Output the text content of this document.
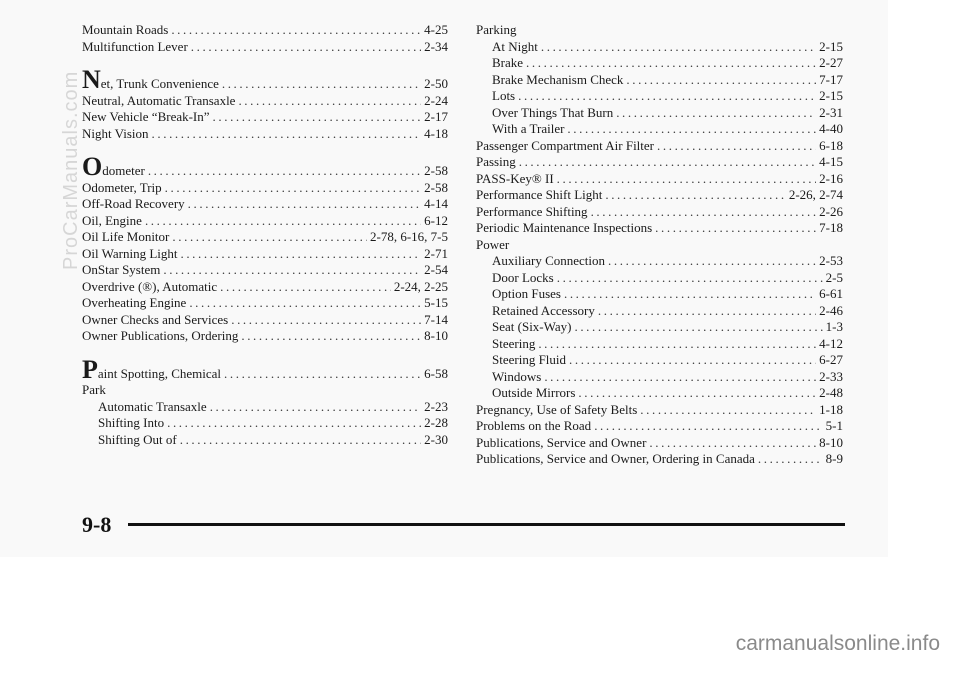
Mountain Roads .....	4-25
Multifunction Lever .....	2-34
Net, Trunk Convenience .....	2-50
Neutral, Automatic Transaxle .....	2-24
New Vehicle “Break-In” .....	2-17
Night Vision .....	4-18
Odometer .....	2-58
Odometer, Trip .....	2-58
Off-Road Recovery .....	4-14
Oil, Engine .....	6-12
Oil Life Monitor .....	2-78, 6-16, 7-5
Oil Warning Light .....	2-71
OnStar System .....	2-54
Overdrive (®), Automatic .....	2-24, 2-25
Overheating Engine .....	5-15
Owner Checks and Services .....	7-14
Owner Publications, Ordering .....	8-10
Paint Spotting, Chemical .....	6-58
Park
Automatic Transaxle .....	2-23
Shifting Into .....	2-28
Shifting Out of .....	2-30
Parking
At Night .....	2-15
Brake .....	2-27
Brake Mechanism Check .....	7-17
Lots .....	2-15
Over Things That Burn .....	2-31
With a Trailer .....	4-40
Passenger Compartment Air Filter .....	6-18
Passing .....	4-15
PASS-Key® II .....	2-16
Performance Shift Light .....	2-26, 2-74
Performance Shifting .....	2-26
Periodic Maintenance Inspections .....	7-18
Power
Auxiliary Connection .....	2-53
Door Locks .....	2-5
Option Fuses .....	6-61
Retained Accessory .....	2-46
Seat (Six-Way) .....	1-3
Steering .....	4-12
Steering Fluid .....	6-27
Windows .....	2-33
Outside Mirrors .....	2-48
Pregnancy, Use of Safety Belts .....	1-18
Problems on the Road .....	5-1
Publications, Service and Owner .....	8-10
Publications, Service and Owner, Ordering in Canada .....	8-9
9-8
ProCarManuals.com
carmanualsonline.info
